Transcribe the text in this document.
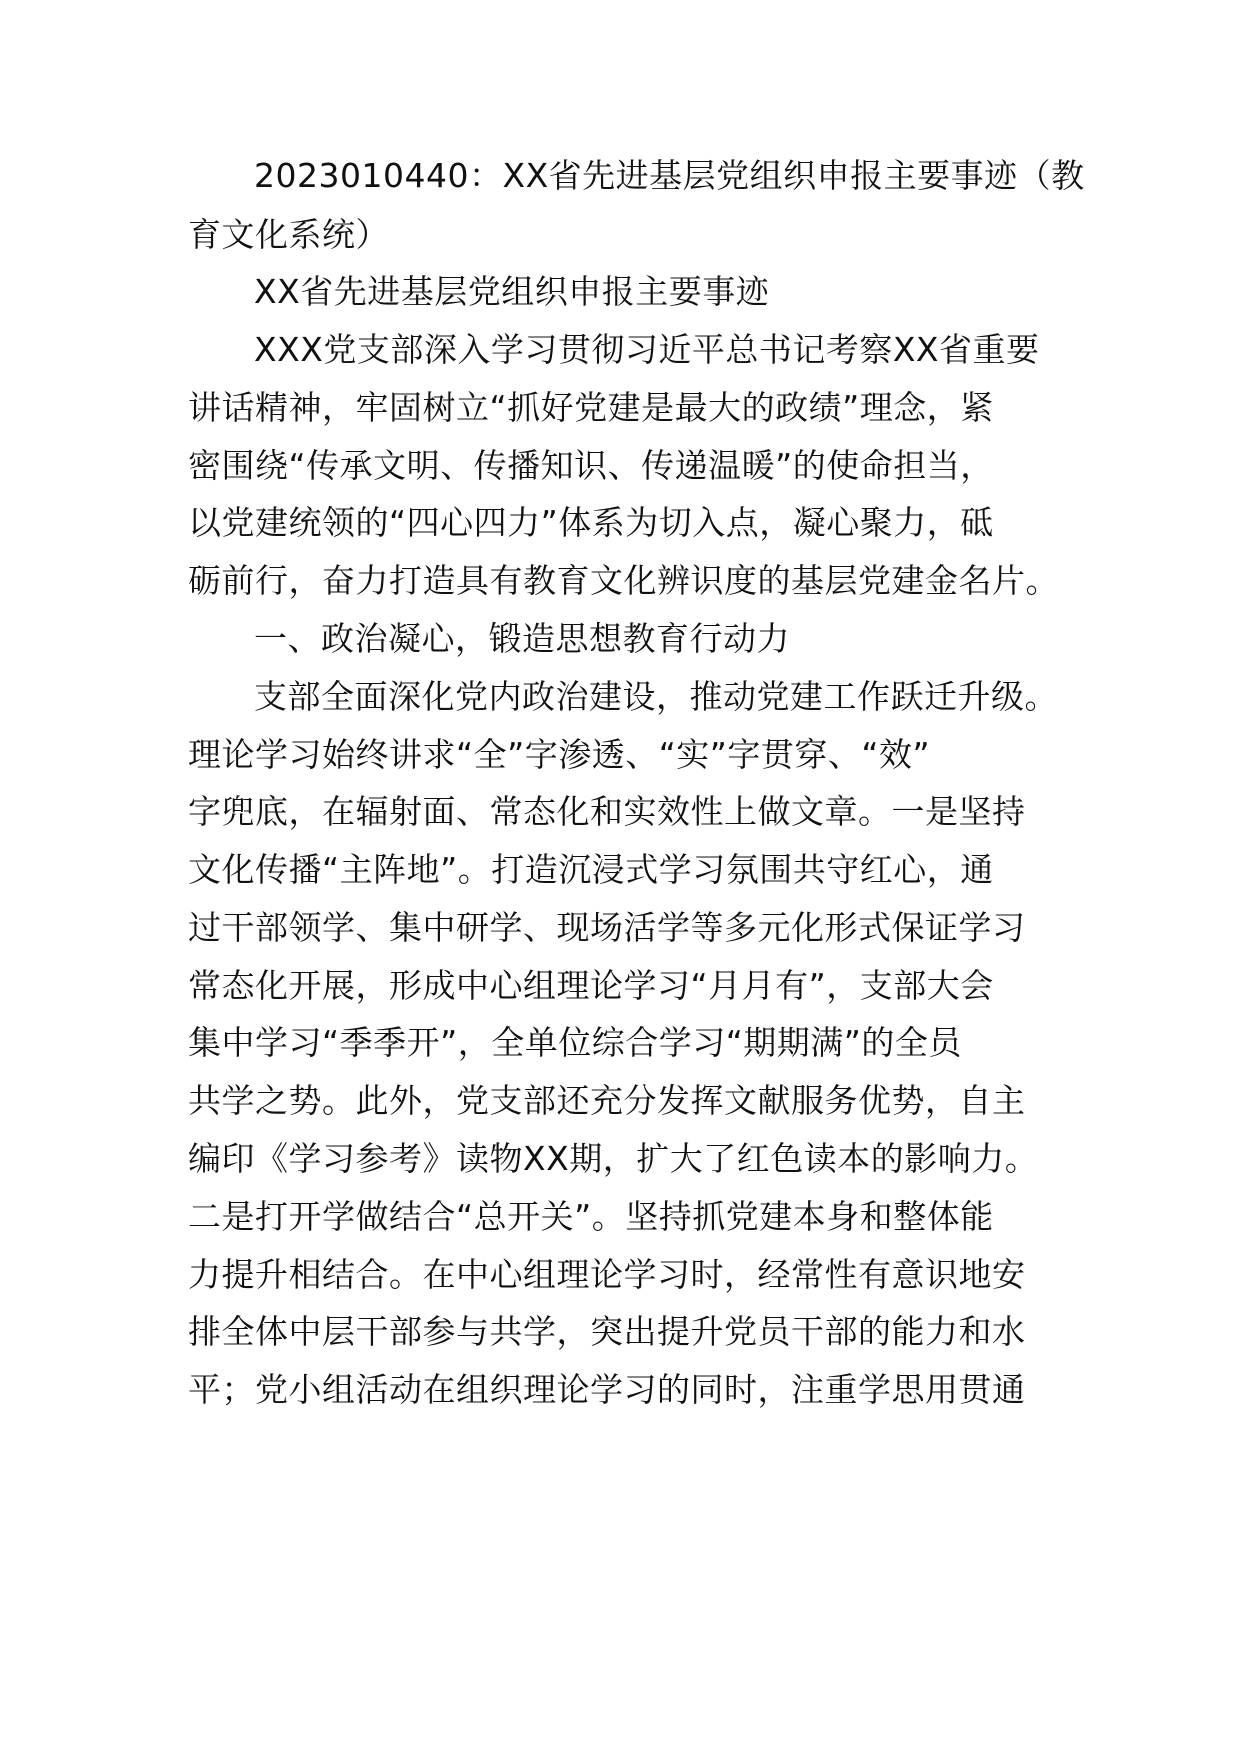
2023010440：XX省先进基层党组织申报主要事迹（教
育文化系统）
XX省先进基层党组织申报主要事迹
XXX党支部深入学习贯彻习近平总书记考察XX省重要
讲话精神，牢固树立“抓好党建是最大的政绩”理念，紧
密围绕“传承文明、传播知识、传递温暖”的使命担当，
以党建统领的“四心四力”体系为切入点，凝心聚力，砥
砺前行，奋力打造具有教育文化辨识度的基层党建金名片。
一、政治凝心，锻造思想教育行动力
支部全面深化党内政治建设，推动党建工作跃迁升级。
理论学习始终讲求“全”字渗透、“实”字贯穿、“效”
字兜底，在辐射面、常态化和实效性上做文章。一是坚持
文化传播“主阵地”。打造沉浸式学习氛围共守红心，通
过干部领学、集中研学、现场活学等多元化形式保证学习
常态化开展，形成中心组理论学习“月月有”，支部大会
集中学习“季季开”，全单位综合学习“期期满”的全员
共学之势。此外，党支部还充分发挥文献服务优势，自主
编印《学习参考》读物XX期，扩大了红色读本的影响力。
二是打开学做结合“总开关”。坚持抓党建本身和整体能
力提升相结合。在中心组理论学习时，经常性有意识地安
排全体中层干部参与共学，突出提升党员干部的能力和水
平；党小组活动在组织理论学习的同时，注重学思用贯通
